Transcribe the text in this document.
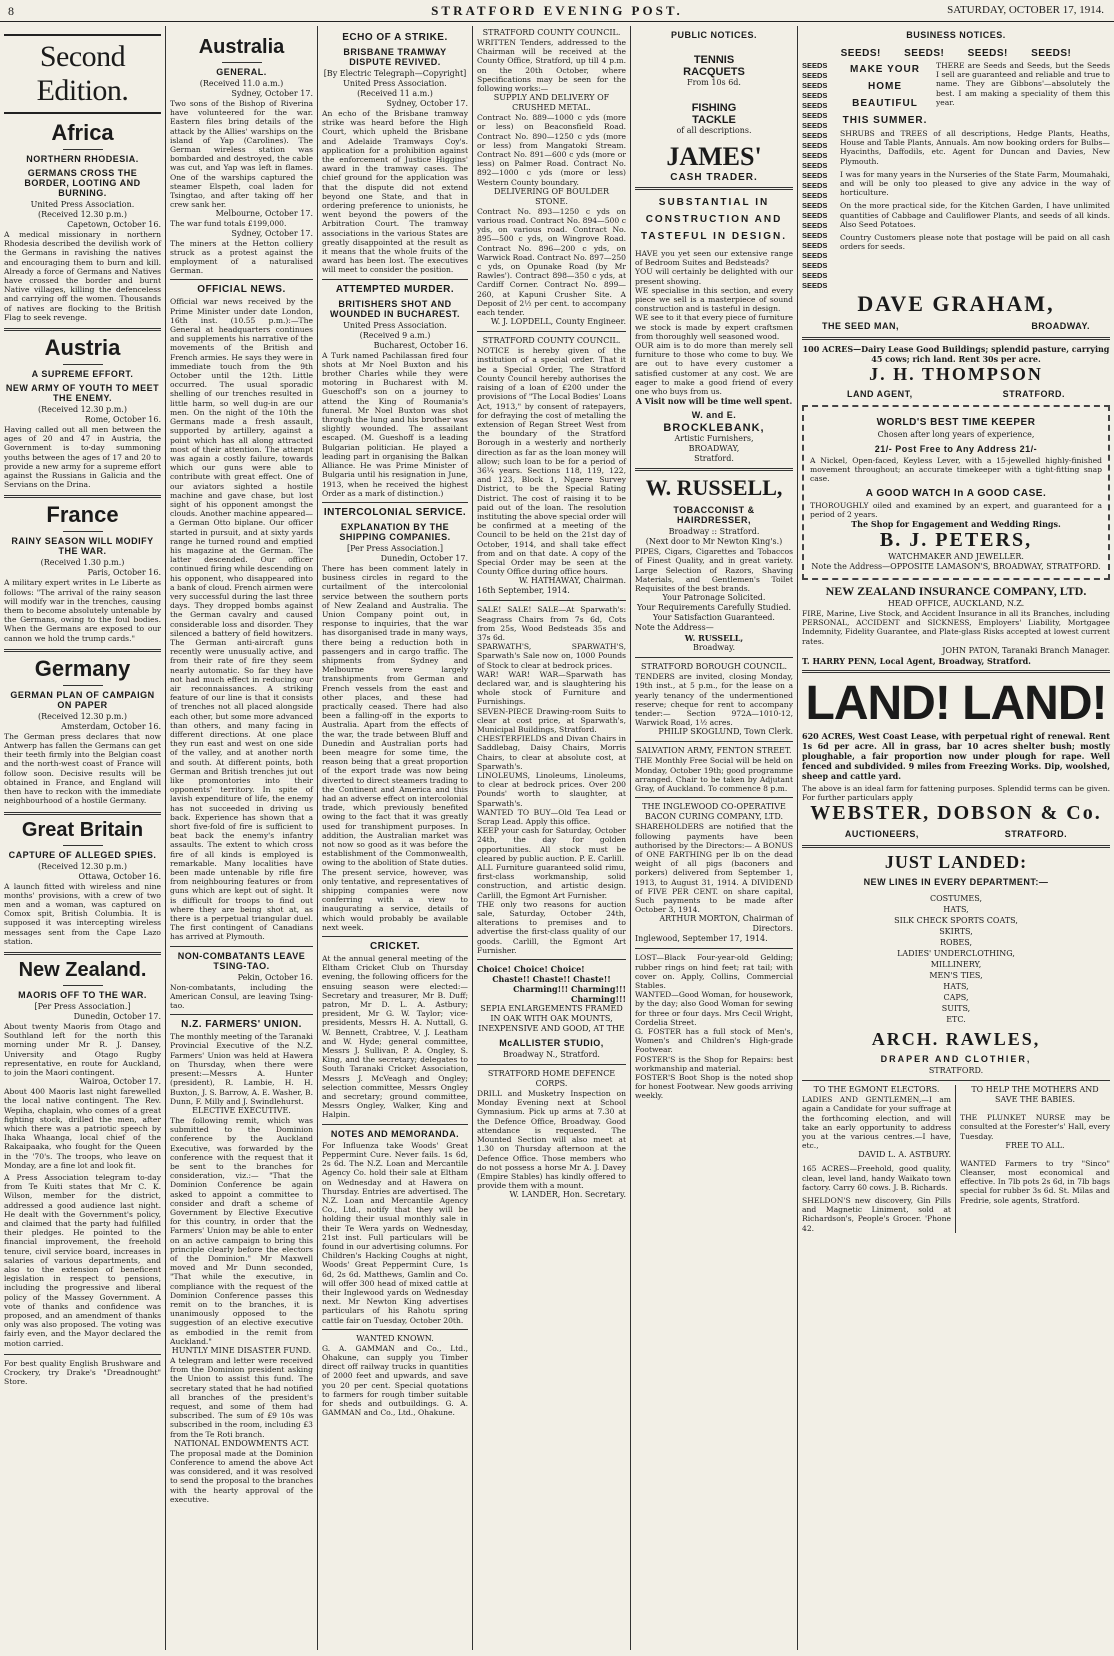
8	STRATFORD EVENING POST.	SATURDAY, OCTOBER 17, 1914.
Second Edition.
Africa
NORTHERN RHODESIA.
GERMANS CROSS THE BORDER, LOOTING AND BURNING.
United Press Association.
(Received 12.30 p.m.)
Capetown, October 16.
A medical missionary in northern Rhodesia described the devilish work of the Germans in ravishing the natives and encouraging them to burn and kill. Already a force of Germans and Natives have crossed the border and burnt Native villages, killing the defenceless and carrying off the women. Thousands of natives are flocking to the British Flag to seek revenge.
Austria
A SUPREME EFFORT.
NEW ARMY OF YOUTH TO MEET THE ENEMY.
(Received 12.30 p.m.)
Rome, October 16.
Having called out all men between the ages of 20 and 47 in Austria, the Government is to-day summoning youths between the ages of 17 and 20 to provide a new army for a supreme effort against the Russians in Galicia and the Servians on the Drina.
France
RAINY SEASON WILL MODIFY THE WAR.
(Received 1.30 p.m.)
Paris, October 16.
A military expert writes in Le Liberte as follows: "The arrival of the rainy season will modify war in the trenches, causing them to become absolutely untenable by the Germans, owing to the foul bodies. When the Germans are exposed to our cannon we hold the trump cards."
Germany
GERMAN PLAN OF CAMPAIGN ON PAPER
(Received 12.30 p.m.)
Amsterdam, October 16.
The German press declares that now Antwerp has fallen the Germans can get their teeth firmly into the Belgian coast and the north-west coast of France will follow soon. Decisive results will be obtained in France, and England will then have to reckon with the immediate neighbourhood of a hostile Germany.
Great Britain
CAPTURE OF ALLEGED SPIES.
(Received 12.30 p.m.)
Ottawa, October 16.
A launch fitted with wireless and nine months' provisions, with a crew of two men and a woman, was captured on Comox spit, British Columbia. It is supposed it was intercepting wireless messages sent from the Cape Lazo station.
New Zealand.
MAORIS OFF TO THE WAR.
[Per Press Association.]
Dunedin, October 17.
About twenty Maoris from Otago and Southland left for the north this morning under Mr R. J. Dansey, University and Otago Rugby representative, en route for Auckland, to join the Maori contingent.
Wairoa, October 17.
About 400 Maoris last night farewelled the local native contingent. The Rev. Wepiha, chaplain, who comes of a great fighting stock, drilled the men, after which there was a patriotic speech by Ihaka Whaanga, local chief of the Rakaipaaka, who fought for the Queen in the '70's. The troops, who leave on Monday, are a fine lot and look fit.
A Press Association telegram to-day from Te Kuiti states that Mr C. K. Wilson, member for the district, addressed a good audience last night. He dealt with the Government's policy, and claimed that the party had fulfilled their pledges. He pointed to the financial improvement, the freehold tenure, civil service board, increases in salaries of various departments, and also to the extension of beneficent legislation in respect to pensions, including the progressive and liberal policy of the Massey Government. A vote of thanks and confidence was proposed, and an amendment of thanks only was also proposed. The voting was fairly even, and the Mayor declared the motion carried.
For best quality English Brushware and Crockery, try Drake's "Dreadnought" Store.
Australia
GENERAL.
(Received 11.0 a.m.)
Sydney, October 17.
Two sons of the Bishop of Riverina have volunteered for the war. Eastern files bring details of the attack by the Allies' warships on the island of Yap (Carolines). The German wireless station was bombarded and destroyed, the cable was cut, and Yap was left in flames. One of the warships captured the steamer Elspeth, coal laden for Tsingtao, and after taking off her crew sank her.
Melbourne, October 17.
The war fund totals £199,000.
Sydney, October 17.
The miners at the Hetton colliery struck as a protest against the employment of a naturalised German.
OFFICIAL NEWS.
Official war news received by the Prime Minister under date London, 16th inst. (10.55 p.m.):—The General at headquarters continues and supplements his narrative of the movements of the British and French armies. He says they were in immediate touch from the 9th October until the 12th. Little occurred. The usual sporadic shelling of our trenches resulted in little harm, so well dug-in are our men. On the night of the 10th the Germans made a fresh assault, supported by artillery, against a point which has all along attracted most of their attention. The attempt was again a costly failure, towards which our guns were able to contribute with great effect. One of our aviators sighted a hostile machine and gave chase, but lost sight of his opponent amongst the clouds. Another machine appeared—a German Otto biplane. Our officer started in pursuit, and at sixty yards range he turned round and emptied his magazine at the German. The latter descended. Our officer continued firing while descending on his opponent, who disappeared into a bank of cloud. French airmen were very successful during the last three days. They dropped bombs against the German cavalry and caused considerable loss and disorder. They silenced a battery of field howitzers. The German anti-aircraft guns recently were unusually active, and from their rate of fire they seem nearly automatic. So far they have not had much effect in reducing our air reconnaissances. A striking feature of our line is that it consists of trenches not all placed alongside each other, but some more advanced than others, and many facing in different directions. At one place they run east and west on one side of the valley, and at another north and south. At different points, both German and British trenches jut out like promontories into their opponents' territory. In spite of lavish expenditure of life, the enemy has not succeeded in driving us back. Experience has shown that a short five-fold of fire is sufficient to beat back the enemy's infantry assaults. The extent to which cross fire of all kinds is employed is remarkable. Many localities have been made untenable by rifle fire from neighbouring features or from guns which are kept out of sight. It is difficult for troops to find out where they are being shot at, as there is a perpetual triangular duel. The first contingent of Canadians has arrived at Plymouth.
NON-COMBATANTS LEAVE TSING-TAO.
Pekin, October 16.
Non-combatants, including the American Consul, are leaving Tsing-tao.
N.Z. FARMERS' UNION.
The monthly meeting of the Taranaki Provincial Executive of the N.Z. Farmers' Union was held at Hawera on Thursday, when there were present:—Messrs A. Hunter (president), R. Lambie, H. H. Buxton, J. S. Barrow, A. E. Washer, B. Dunn, F. Milly and J. Swindlehurst.
ELECTIVE EXECUTIVE.
The following remit, which was submitted to the Dominion conference by the Auckland Executive, was forwarded by the conference with the request that it be sent to the branches for consideration, viz.:— "That the Dominion Conference be again asked to appoint a committee to consider and draft a scheme of Government by Elective Executive for this country, in order that the Farmers' Union may be able to enter on an active campaign to bring this principle clearly before the electors of the Dominion." Mr Maxwell moved and Mr Dunn seconded, "That while the executive, in compliance with the request of the Dominion Conference passes this remit on to the branches, it is unanimously opposed to the suggestion of an elective executive as embodied in the remit from Auckland."
HUNTLY MINE DISASTER FUND.
A telegram and letter were received from the Dominion president asking the Union to assist this fund. The secretary stated that he had notified all branches of the president's request, and some of them had subscribed. The sum of £9 10s was subscribed in the room, including £3 from the Te Roti branch.
NATIONAL ENDOWMENTS ACT.
The proposal made at the Dominion Conference to amend the above Act was considered, and it was resolved to send the proposal to the branches with the hearty approval of the executive.
ECHO OF A STRIKE.
BRISBANE TRAMWAY DISPUTE REVIVED.
[By Electric Telegraph—Copyright] United Press Association.
(Received 11 a.m.)
Sydney, October 17.
An echo of the Brisbane tramway strike was heard before the High Court, which upheld the Brisbane and Adelaide Tramways Coy's. application for a prohibition against the enforcement of Justice Higgins' award in the tramway cases. The chief ground for the application was that the dispute did not extend beyond one State, and that in ordering preference to unionists, he went beyond the powers of the Arbitration Court. The tramway associations in the various States are greatly disappointed at the result as it means that the whole fruits of the award has been lost. The executives will meet to consider the position.
ATTEMPTED MURDER.
BRITISHERS SHOT AND WOUNDED IN BUCHAREST.
United Press Association.
(Received 9 a.m.)
Bucharest, October 16.
A Turk named Pachilassan fired four shots at Mr Noel Buxton and his brother Charles while they were motoring in Bucharest with M. Gueschoff's son on a journey to attend the King of Roumania's funeral. Mr Noel Buxton was shot through the lung and his brother was slightly wounded. The assailant escaped. (M. Gueshoff is a leading Bulgarian politician. He played a leading part in organising the Balkan Alliance. He was Prime Minister of Bulgaria until his resignation in June, 1913, when he received the highest Order as a mark of distinction.)
INTERCOLONIAL SERVICE.
EXPLANATION BY THE SHIPPING COMPANIES.
[Per Press Association.]
Dunedin, October 17.
There has been comment lately in business circles in regard to the curtailment of the intercolonial service between the southern ports of New Zealand and Australia. The Union Company point out, in response to inquiries, that the war has disorganised trade in many ways, there being a reduction both in passengers and in cargo traffic. The shipments from Sydney and Melbourne were largely transhipments from German and French vessels from the east and other places, and these had practically ceased. There had also been a falling-off in the exports to Australia. Apart from the effects of the war, the trade between Bluff and Dunedin and Australian ports had been meagre for some time, the reason being that a great proportion of the export trade was now being diverted to direct steamers trading to the Continent and America and this had an adverse effect on intercolonial trade, which previously benefited owing to the fact that it was greatly used for transhipment purposes. In addition, the Australian market was not now so good as it was before the establishment of the Commonwealth, owing to the abolition of State duties. The present service, however, was only tentative, and representatives of shipping companies were now conferring with a view to inaugurating a service, details of which would probably be available next week.
CRICKET.
At the annual general meeting of the Eltham Cricket Club on Thursday evening, the following officers for the ensuing season were elected:—Secretary and treasurer, Mr B. Duff; patron, Mr D. L. A. Astbury; president, Mr G. W. Taylor; vice-presidents, Messrs H. A. Nuttall, G. W. Bennett, Crabtree, V. J. Leatham and W. Hyde; general committee, Messrs J. Sullivan, P. A. Ongley, S. King, and the secretary; delegates to South Taranaki Cricket Association, Messrs J. McVeagh and Ongley; selection committee, Messrs Ongley and secretary; ground committee, Messrs Ongley, Walker, King and Halpin.
NOTES AND MEMORANDA.
For Influenza take Woods' Great Peppermint Cure. Never fails. 1s 6d, 2s 6d. The N.Z. Loan and Mercantile Agency Co. hold their sale at Eltham on Wednesday and at Hawera on Thursday. Entries are advertised. The N.Z. Loan and Mercantile Agency Co., Ltd., notify that they will be holding their usual monthly sale in their Te Wera yards on Wednesday, 21st inst. Full particulars will be found in our advertising columns. For Children's Hacking Coughs at night, Woods' Great Peppermint Cure, 1s 6d, 2s 6d. Matthews, Gamlin and Co. will offer 300 head of mixed cattle at their Inglewood yards on Wednesday next. Mr Newton King advertises particulars of his Rahotu spring cattle fair on Tuesday, October 20th.
WANTED KNOWN.
G. A. GAMMAN and Co., Ltd., Ohakune, can supply you Timber direct off railway trucks in quantities of 2000 feet and upwards, and save you 20 per cent. Special quotations to farmers for rough timber suitable for sheds and outbuildings. G. A. GAMMAN and Co., Ltd., Ohakune.
STRATFORD COUNTY COUNCIL.
WRITTEN Tenders, addressed to the Chairman will be received at the County Office, Stratford, up till 4 p.m. on the 20th October, where Specifications may be seen for the following works:—
SUPPLY AND DELIVERY OF CRUSHED METAL.
Contract No. 889—1000 c yds (more or less) on Beaconsfield Road. Contract No. 890—1250 c yds (more or less) from Mangatoki Stream. Contract No. 891—600 c yds (more or less) on Palmer Road. Contract No. 892—1000 c yds (more or less) Western County boundary.
DELIVERING OF BOULDER STONE.
Contract No. 893—1250 c yds on various road. Contract No. 894—500 c yds, on various road. Contract No. 895—500 c yds, on Wingrove Road. Contract No. 896—200 c yds, on Warwick Road. Contract No. 897—250 c yds, on Opunake Road (by Mr Rawles'). Contract 898—350 c yds, at Cardiff Corner. Contract No. 899—260, at Kapuni Crusher Site. A Deposit of 2½ per cent. to accompany each tender.
W. J. LOPDELL, County Engineer.
STRATFORD COUNTY COUNCIL.
NOTICE is hereby given of the institution of a special order. That it be a Special Order, The Stratford County Council hereby authorises the raising of a loan of £200 under the provisions of "The Local Bodies' Loans Act, 1913," by consent of ratepayers, for defraying the cost of metalling the extension of Regan Street West from the boundary of the Stratford Borough in a westerly and northerly direction as far as the loan money will allow; such loan to be for a period of 36¼ years. Sections 118, 119, 122, and 123, Block 1, Ngaere Survey District, to be the Special Rating District. The cost of raising it to be paid out of the loan. The resolution instituting the above special order will be confirmed at a meeting of the Council to be held on the 21st day of October, 1914, and shall take effect from and on that date. A copy of the Special Order may be seen at the County Office during office hours.
W. HATHAWAY, Chairman.
16th September, 1914.
SALE! SALE! SALE—At Sparwath's: Seagrass Chairs from 7s 6d, Cots from 25s, Wood Bedsteads 35s and 37s 6d.
SPARWATH'S, SPARWATH'S, Sparwath's Sale now on, 1000 Pounds of Stock to clear at bedrock prices.
WAR! WAR! WAR—Sparwath has declared war, and is slaughtering his whole stock of Furniture and Furnishings.
SEVEN-PIECE Drawing-room Suits to clear at cost price, at Sparwath's, Municipal Buildings, Stratford.
CHESTERFIELDS and Divan Chairs in Saddlebag, Daisy Chairs, Morris Chairs, to clear at absolute cost, at Sparwath's.
LINOLEUMS, Linoleums, Linoleums, to clear at bedrock prices. Over 200 Pounds' worth to slaughter, at Sparwath's.
WANTED TO BUY—Old Tea Lead or Scrap Lead. Apply this office.
KEEP your cash for Saturday, October 24th, the day for golden opportunities. All stock must be cleared by public auction. P. E. Carlill.
ALL Furniture guaranteed solid rimu, first-class workmanship, solid construction, and artistic design. Carlill, the Egmont Art Furnisher.
THE only two reasons for auction sale, Saturday, October 24th, alterations to premises and to advertise the first-class quality of our goods. Carlill, the Egmont Art Furnisher.
Choice! Choice! Choice!
Chaste!! Chaste!! Chaste!!
Charming!!! Charming!!! Charming!!!
SEPIA ENLARGEMENTS FRAMED IN OAK WITH OAK MOUNTS, INEXPENSIVE AND GOOD, AT THE
McALLISTER STUDIO,
Broadway N., Stratford.
STRATFORD HOME DEFENCE CORPS.
DRILL and Musketry Inspection on Monday Evening next at School Gymnasium. Pick up arms at 7.30 at the Defence Office, Broadway. Good attendance is requested. The Mounted Section will also meet at 1.30 on Thursday afternoon at the Defence Office. Those members who do not possess a horse Mr A. J. Davey (Empire Stables) has kindly offered to provide them with a mount.
W. LANDER, Hon. Secretary.
PUBLIC NOTICES.
TENNIS
RACQUETS
From 10s 6d.
FISHING
TACKLE
of all descriptions.
JAMES'
CASH TRADER.
SUBSTANTIAL IN CONSTRUCTION AND TASTEFUL IN DESIGN.
HAVE you yet seen our extensive range of Bedroom Suites and Bedsteads?
YOU will certainly be delighted with our present showing.
WE specialise in this section, and every piece we sell is a masterpiece of sound construction and is tasteful in design.
WE see to it that every piece of furniture we stock is made by expert craftsmen from thoroughly well seasoned wood.
OUR aim is to do more than merely sell furniture to those who come to buy. We are out to have every customer a satisfied customer at any cost. We are eager to make a good friend of every one who buys from us.
A Visit now will be time well spent.
W. and E.
BROCKLEBANK,
Artistic Furnishers,
BROADWAY,
Stratford.
W. RUSSELL,
TOBACCONIST & HAIRDRESSER,
Broadway :: Stratford.
(Next door to Mr Newton King's.)
PIPES, Cigars, Cigarettes and Tobaccos of Finest Quality, and in great variety. Large Selection of Razors, Shaving Materials, and Gentlemen's Toilet Requisites of the best brands.
Your Patronage Solicited.
Your Requirements Carefully Studied.
Your Satisfaction Guaranteed.
Note the Address—
W. RUSSELL,
Broadway.
STRATFORD BOROUGH COUNCIL.
TENDERS are invited, closing Monday, 19th inst., at 5 p.m., for the lease on a yearly tenancy of the undermentioned reserve; cheque for rent to accompany tender:— Section 972A—1010-12, Warwick Road, 1½ acres.
PHILIP SKOGLUND, Town Clerk.
SALVATION ARMY, FENTON STREET.
THE Monthly Free Social will be held on Monday, October 19th; good programme arranged. Chair to be taken by Adjutant Gray, of Auckland. To commence 8 p.m.
THE INGLEWOOD CO-OPERATIVE BACON CURING COMPANY, LTD.
SHAREHOLDERS are notified that the following payments have been authorised by the Directors:— A BONUS of ONE FARTHING per lb on the dead weight of all pigs (baconers and porkers) delivered from September 1, 1913, to August 31, 1914. A DIVIDEND of FIVE PER CENT. on share capital, Such payments to be made after October 3, 1914.
ARTHUR MORTON, Chairman of Directors.
Inglewood, September 17, 1914.
LOST—Black Four-year-old Gelding; rubber rings on hind feet; rat tail; with cover on. Apply, Collins, Commercial Stables.
WANTED—Good Woman, for housework, by the day; also Good Woman for sewing for three or four days. Mrs Cecil Wright, Cordelia Street.
G. FOSTER has a full stock of Men's, Women's and Children's High-grade Footwear.
FOSTER'S is the Shop for Repairs: best workmanship and material.
FOSTER'S Boot Shop is the noted shop for honest Footwear. New goods arriving weekly.
BUSINESS NOTICES.
SEEDS! SEEDS! SEEDS! SEEDS!
SEEDS
SEEDS
SEEDS
SEEDS
SEEDS
SEEDS
SEEDS
SEEDS
SEEDS
SEEDS
SEEDS
SEEDS
SEEDS
SEEDS
SEEDS
SEEDS
SEEDS
SEEDS
SEEDS
SEEDS
SEEDS
SEEDS
SEEDS
MAKE YOUR HOME BEAUTIFUL THIS SUMMER.
THERE are Seeds and Seeds, but the Seeds I sell are guaranteed and reliable and true to name. They are Gibbons'—absolutely the best. I am making a speciality of them this year.
SHRUBS and TREES of all descriptions, Hedge Plants, Heaths, House and Table Plants, Annuals. Am now booking orders for Bulbs—Hyacinths, Daffodils, etc. Agent for Duncan and Davies, New Plymouth.
I was for many years in the Nurseries of the State Farm, Moumahaki, and will be only too pleased to give any advice in the way of horticulture.
On the more practical side, for the Kitchen Garden, I have unlimited quantities of Cabbage and Cauliflower Plants, and seeds of all kinds. Also Seed Potatoes.
Country Customers please note that postage will be paid on all cash orders for seeds.
DAVE GRAHAM,
THE SEED MAN,	BROADWAY.
100 ACRES—Dairy Lease Good Buildings; splendid pasture, carrying 45 cows; rich land. Rent 30s per acre.
J. H. THOMPSON
LAND AGENT,	STRATFORD.
WORLD'S BEST TIME KEEPER
Chosen after long years of experience,
21/- Post Free to Any Address 21/-
A Nickel, Open-faced, Keyless Lever, with a 15-jewelled highly-finished movement throughout; an accurate timekeeper with a tight-fitting snap case.
A GOOD WATCH In A GOOD CASE.
THOROUGHLY oiled and examined by an expert, and guaranteed for a period of 2 years.
The Shop for Engagement and Wedding Rings.
B. J. PETERS,
WATCHMAKER AND JEWELLER.
Note the Address—OPPOSITE LAMASON'S, BROADWAY, STRATFORD.
NEW ZEALAND INSURANCE COMPANY, LTD.
HEAD OFFICE, AUCKLAND, N.Z.
FIRE, Marine, Live Stock, and Accident Insurance in all its Branches, including PERSONAL, ACCIDENT and SICKNESS, Employers' Liability, Mortgagee Indemnity, Fidelity Guarantee, and Plate-glass Risks accepted at lowest current rates.
JOHN PATON, Taranaki Branch Manager.
T. HARRY PENN, Local Agent, Broadway, Stratford.
LAND! LAND!
620 ACRES, West Coast Lease, with perpetual right of renewal. Rent 1s 6d per acre. All in grass, bar 10 acres shelter bush; mostly ploughable, a fair proportion now under plough for rape. Well fenced and subdivided. 9 miles from Freezing Works. Dip, woolshed, sheep and cattle yard.
The above is an ideal farm for fattening purposes. Splendid terms can be given. For further particulars apply
WEBSTER, DOBSON & Co.
AUCTIONEERS,	STRATFORD.
JUST LANDED:
NEW LINES IN EVERY DEPARTMENT:—
COSTUMES,
HATS,
SILK CHECK SPORTS COATS,
SKIRTS,
ROBES,
LADIES' UNDERCLOTHING,
MILLINERY,
MEN'S TIES,
HATS,
CAPS,
SUITS,
ETC.
ARCH. RAWLES,
DRAPER AND CLOTHIER,
STRATFORD.
TO THE EGMONT ELECTORS.
LADIES AND GENTLEMEN,—I am again a Candidate for your suffrage at the forthcoming election, and will take an early opportunity to address you at the various centres.—I have, etc.,
DAVID L. A. ASTBURY.
165 ACRES—Freehold, good quality, clean, level land, handy Waikato town factory. Carry 60 cows. J. B. Richards.
SHELDON'S new discovery, Gin Pills and Magnetic Liniment, sold at Richardson's, People's Grocer. 'Phone 42.
TO HELP THE MOTHERS AND SAVE THE BABIES.
THE PLUNKET NURSE may be consulted at the Forester's' Hall, every Tuesday.
FREE TO ALL.
WANTED Farmers to try "Sinco" Cleanser, most economical and effective. In 7lb pots 2s 6d, in 7lb bags special for rubber 3s 6d. St. Milas and Fredrie, sole agents, Stratford.
